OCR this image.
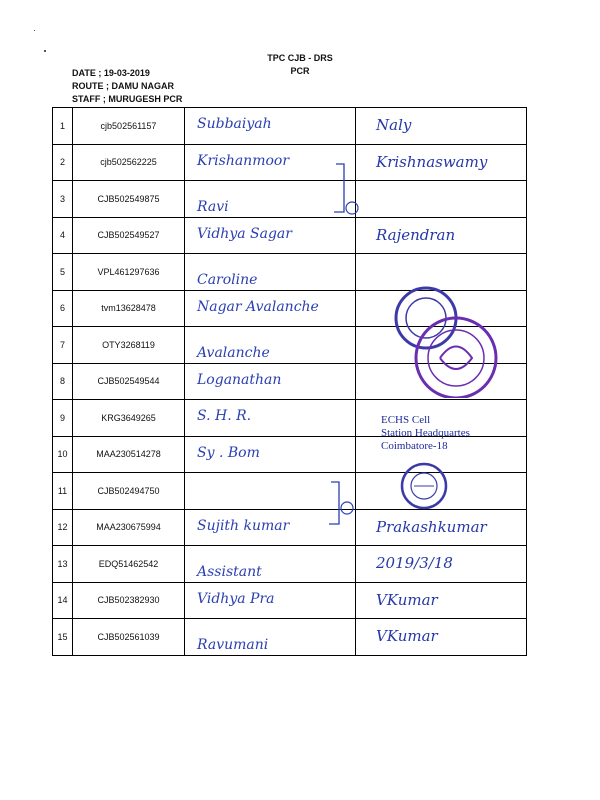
TPC CJB - DRS
PCR
DATE ; 19-03-2019
ROUTE ; DAMU NAGAR
STAFF ; MURUGESH PCR
1	cjb502561157	Subbaiyah	Naly

2	cjb502562225	Krishanmoor	Krishnaswamy

3	CJB502549875	Ravi	

4	CJB502549527	Vidhya Sagar	Rajendran

5	VPL461297636	Caroline	

6	tvm13628478	Nagar Avalanche	

7	OTY3268119	Avalanche	

8	CJB502549544	Loganathan	

9	KRG3649265	S. H. R.	

10	MAA230514278	Sy . Bom	

11	CJB502494750	

12	MAA230675994	Sujith kumar	Prakashkumar

13	EDQ51462542	Assistant	2019/3/18

14	CJB502382930	Vidhya Pra	VKumar

15	CJB502561039	Ravumani	VKumar
ECHS Cell
Station Headquartes
Coimbatore-18
